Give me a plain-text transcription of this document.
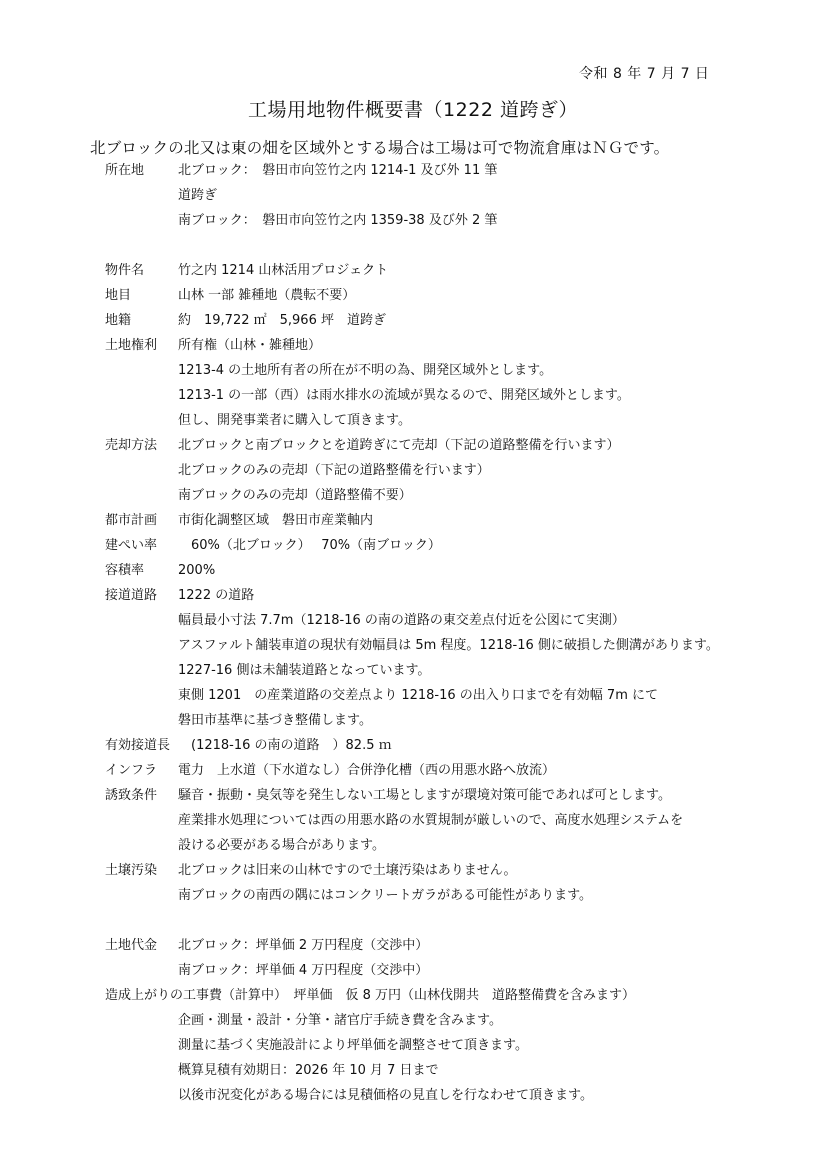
令和 8 年 7 月 7 日
工場用地物件概要書（1222 道跨ぎ）
北ブロックの北又は東の畑を区域外とする場合は工場は可で物流倉庫はＮＧです。
所在地	北ブロック：　磐田市向笠竹之内 1214-1 及び外 11 筆
道跨ぎ
南ブロック：　磐田市向笠竹之内 1359-38 及び外 2 筆
物件名	竹之内 1214 山林活用プロジェクト
地目	山林 一部 雑種地（農転不要）
地籍	約　19,722 ㎡　5,966 坪　道跨ぎ
土地権利 所有権（山林・雑種地）
1213-4 の土地所有者の所在が不明の為、開発区域外とします。
1213-1 の一部（西）は雨水排水の流域が異なるので、開発区域外とします。
但し、開発事業者に購入して頂きます。
売却方法 北ブロックと南ブロックとを道跨ぎにて売却（下記の道路整備を行います）
北ブロックのみの売却（下記の道路整備を行います）
南ブロックのみの売却（道路整備不要）
都市計画 市街化調整区域　磐田市産業軸内
建ぺい率 　60%（北ブロック）　 70%（南ブロック）
容積率	200%
接道道路 1222 の道路
幅員最小寸法 7.7m（1218-16 の南の道路の東交差点付近を公図にて実測）
アスファルト舗装車道の現状有効幅員は 5m 程度。1218-16 側に破損した側溝があります。
1227-16 側は未舗装道路となっています。
東側 1201　の産業道路の交差点より 1218-16 の出入り口までを有効幅 7m にて
磐田市基準に基づき整備します。
有効接道長 　(1218-16 の南の道路　）82.5 ｍ
インフラ 電力　上水道（下水道なし）合併浄化槽（西の用悪水路へ放流）
誘致条件 騒音・振動・臭気等を発生しない工場としますが環境対策可能であれば可とします。
産業排水処理については西の用悪水路の水質規制が厳しいので、高度水処理システムを
設ける必要がある場合があります。
土壌汚染 北ブロックは旧来の山林ですので土壌汚染はありません。
南ブロックの南西の隅にはコンクリートガラがある可能性があります。
土地代金 北ブロック：坪単価 2 万円程度（交渉中）
南ブロック：坪単価 4 万円程度（交渉中）
造成上がりの工事費（計算中）　坪単価　仮 8 万円（山林伐開共　道路整備費を含みます）
企画・測量・設計・分筆・諸官庁手続き費を含みます。
測量に基づく実施設計により坪単価を調整させて頂きます。
概算見積有効期日：2026 年 10 月 7 日まで
以後市況変化がある場合には見積価格の見直しを行なわせて頂きます。
